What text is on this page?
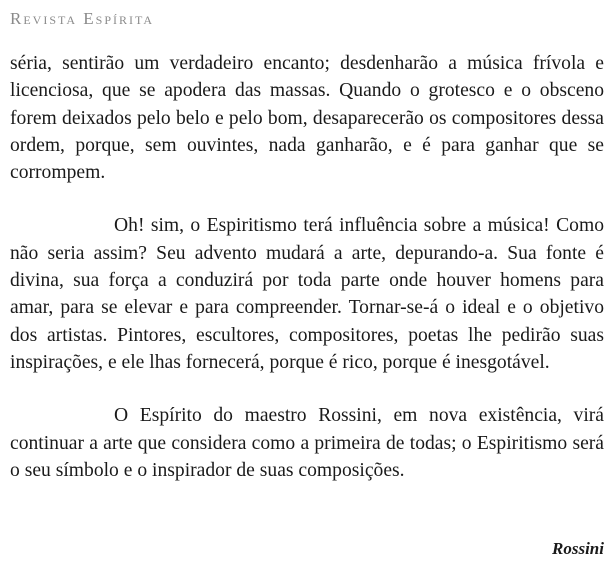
Revista Espírita

séria, sentirão um verdadeiro encanto; desdenharão a música frívola e licenciosa, que se apodera das massas. Quando o grotesco e o obsceno forem deixados pelo belo e pelo bom, desaparecerão os compositores dessa ordem, porque, sem ouvintes, nada ganharão, e é para ganhar que se corrompem.

Oh! sim, o Espiritismo terá influência sobre a música! Como não seria assim? Seu advento mudará a arte, depurando-a. Sua fonte é divina, sua força a conduzirá por toda parte onde houver homens para amar, para se elevar e para compreender. Tornar-se-á o ideal e o objetivo dos artistas. Pintores, escultores, compositores, poetas lhe pedirão suas inspirações, e ele lhas fornecerá, porque é rico, porque é inesgotável.

O Espírito do maestro Rossini, em nova existência, virá continuar a arte que considera como a primeira de todas; o Espiritismo será o seu símbolo e o inspirador de suas composições.

Rossini
